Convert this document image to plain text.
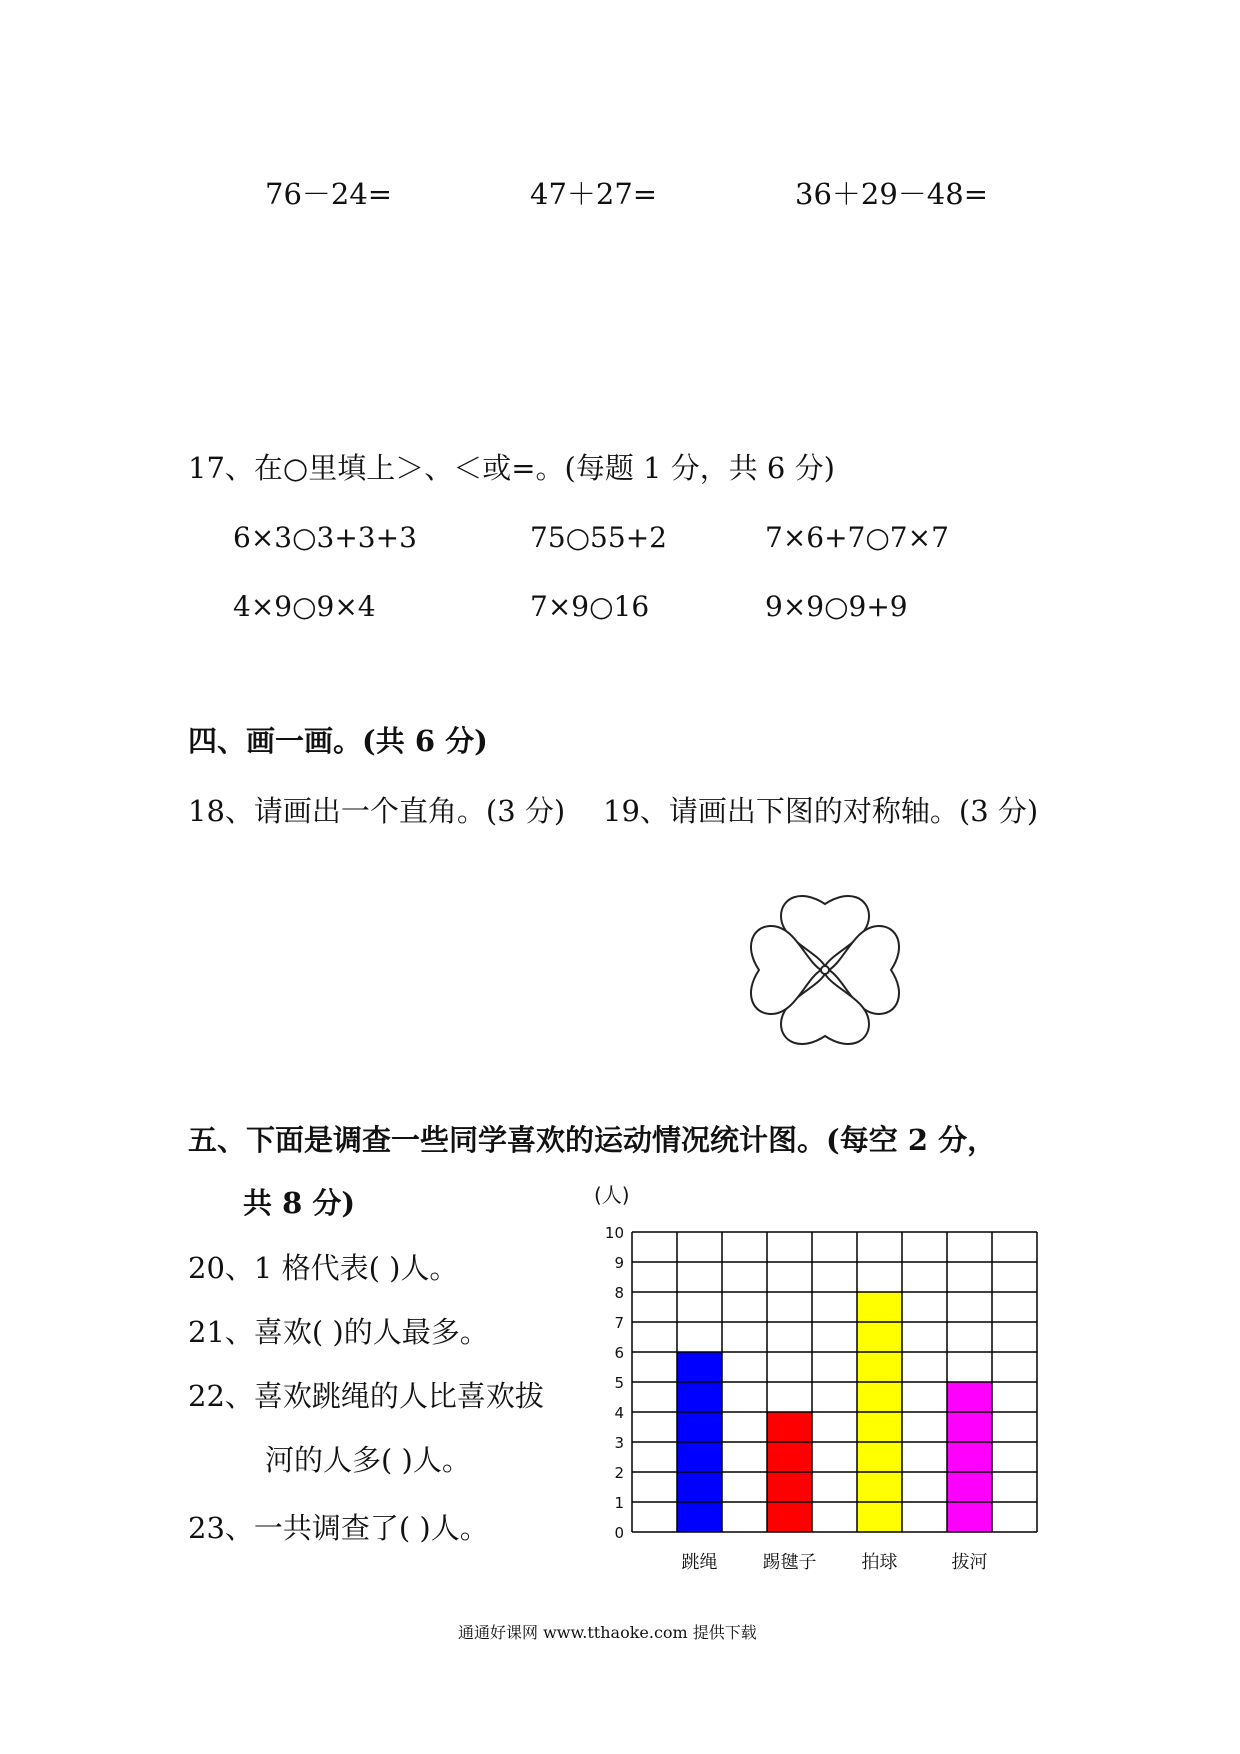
76－24=	47＋27=	36＋29－48=
17、在○里填上＞、＜或=。(每题 1 分，共 6 分)
6×3○3+3+3	75○55+2	7×6+7○7×7
4×9○9×4	7×9○16	9×9○9+9
四、画一画。(共 6 分)
18、请画出一个直角。(3 分) 19、请画出下图的对称轴。(3 分)
五、下面是调查一些同学喜欢的运动情况统计图。(每空 2 分，
共 8 分)
20、1 格代表( )人。
21、喜欢( )的人最多。
22、喜欢跳绳的人比喜欢拔
河的人多( )人。
23、一共调查了( )人。
(人)
0
1
2
3
4
5
6
7
8
9
10
跳绳	踢毽子	拍球	拔河
通通好课网 www.tthaoke.com 提供下载
